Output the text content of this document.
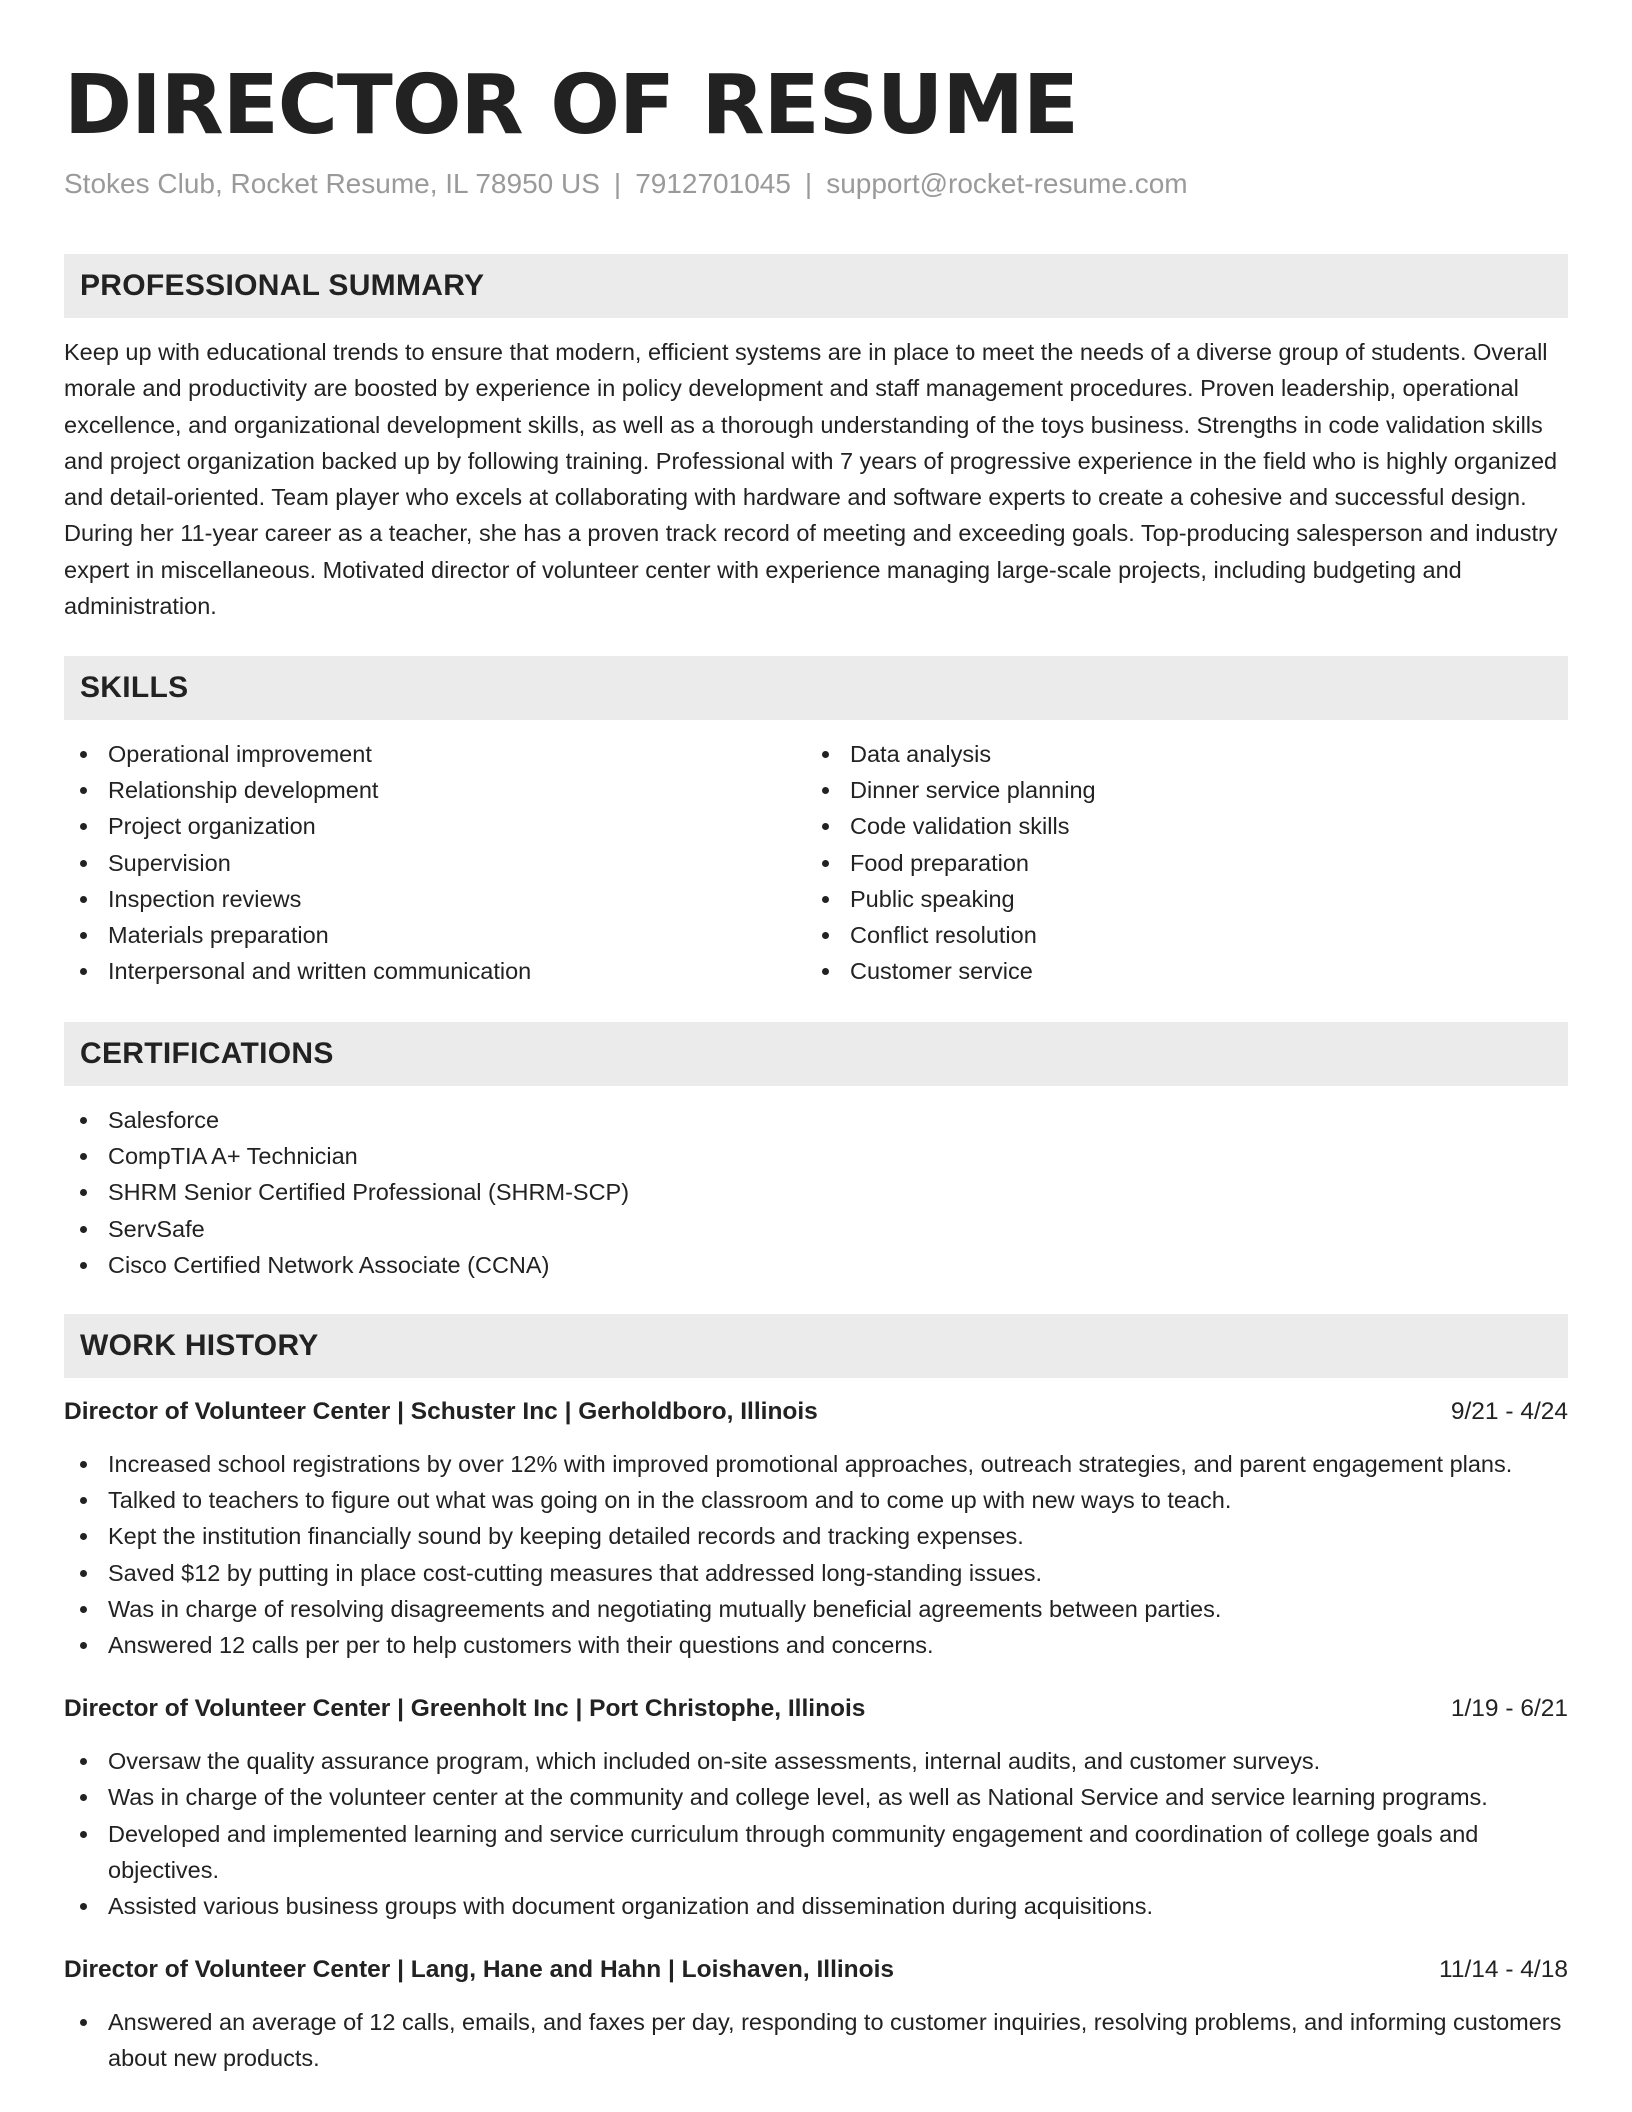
DIRECTOR OF RESUME
Stokes Club, Rocket Resume, IL 78950 US | 7912701045 | support@rocket-resume.com
PROFESSIONAL SUMMARY

Keep up with educational trends to ensure that modern, efficient systems are in place to meet the needs of a diverse group of students. Overall morale and productivity are boosted by experience in policy development and staff management procedures. Proven leadership, operational excellence, and organizational development skills, as well as a thorough understanding of the toys business. Strengths in code validation skills and project organization backed up by following training. Professional with 7 years of progressive experience in the field who is highly organized and detail-oriented. Team player who excels at collaborating with hardware and software experts to create a cohesive and successful design. During her 11-year career as a teacher, she has a proven track record of meeting and exceeding goals. Top-producing salesperson and industry expert in miscellaneous. Motivated director of volunteer center with experience managing large-scale projects, including budgeting and administration.

SKILLS
Operational improvement
Relationship development
Project organization
Supervision
Inspection reviews
Materials preparation
Interpersonal and written communication
Data analysis
Dinner service planning
Code validation skills
Food preparation
Public speaking
Conflict resolution
Customer service
CERTIFICATIONS
Salesforce
CompTIA A+ Technician
SHRM Senior Certified Professional (SHRM-SCP)
ServSafe
Cisco Certified Network Associate (CCNA)
WORK HISTORY
Director of Volunteer Center | Schuster Inc | Gerholdboro, Illinois	9/21 - 4/24
Increased school registrations by over 12% with improved promotional approaches, outreach strategies, and parent engagement plans.
Talked to teachers to figure out what was going on in the classroom and to come up with new ways to teach.
Kept the institution financially sound by keeping detailed records and tracking expenses.
Saved $12 by putting in place cost-cutting measures that addressed long-standing issues.
Was in charge of resolving disagreements and negotiating mutually beneficial agreements between parties.
Answered 12 calls per per to help customers with their questions and concerns.
Director of Volunteer Center | Greenholt Inc | Port Christophe, Illinois	1/19 - 6/21
Oversaw the quality assurance program, which included on-site assessments, internal audits, and customer surveys.
Was in charge of the volunteer center at the community and college level, as well as National Service and service learning programs.
Developed and implemented learning and service curriculum through community engagement and coordination of college goals and objectives.
Assisted various business groups with document organization and dissemination during acquisitions.
Director of Volunteer Center | Lang, Hane and Hahn | Loishaven, Illinois	11/14 - 4/18
Answered an average of 12 calls, emails, and faxes per day, responding to customer inquiries, resolving problems, and informing customers about new products.
